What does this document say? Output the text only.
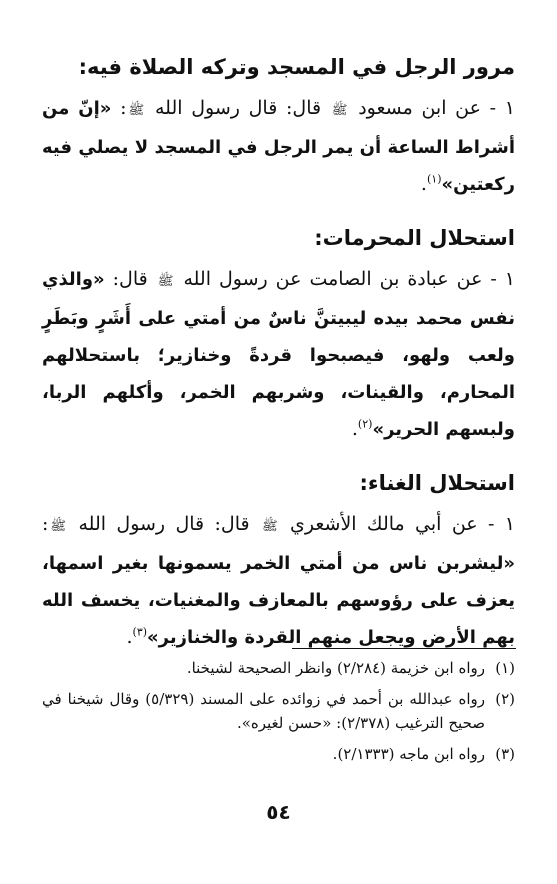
مرور الرجل في المسجد وتركه الصلاة فيه:

١ - عن ابن مسعود ﷺ قال: قال رسول الله ﷺ: «إنّ من أشراط الساعة أن يمر الرجل في المسجد لا يصلي فيه ركعتين»$^{(١)}$.

استحلال المحرمات:

١ - عن عبادة بن الصامت عن رسول الله ﷺ قال: «والذي نفس محمد بيده ليبيتنَّ ناسٌ من أمتي على أَشَرٍ وبَطَرٍ ولعب ولهو، فيصبحوا قردةً وخنازير؛ باستحلالهم المحارم، والقينات، وشربهم الخمر، وأكلهم الربا، ولبسهم الحرير»$^{(٢)}$.

استحلال الغناء:

١ - عن أبي مالك الأشعري ﷺ قال: قال رسول الله ﷺ: «ليشربن ناس من أمتي الخمر يسمونها بغير اسمها، يعزف على رؤوسهم بالمعازف والمغنيات، يخسف الله بهم الأرض ويجعل منهم القردة والخنازير»$^{(٣)}$.

(١)
رواه ابن خزيمة (٢/٢٨٤) وانظر الصحيحة لشيخنا.
(٢)
رواه عبدالله بن أحمد في زوائده على المسند (٥/٣٢٩) وقال شيخنا في صحيح الترغيب (٢/٣٧٨): «حسن لغيره».
(٣)
رواه ابن ماجه (٢/١٣٣٣).
٥٤
